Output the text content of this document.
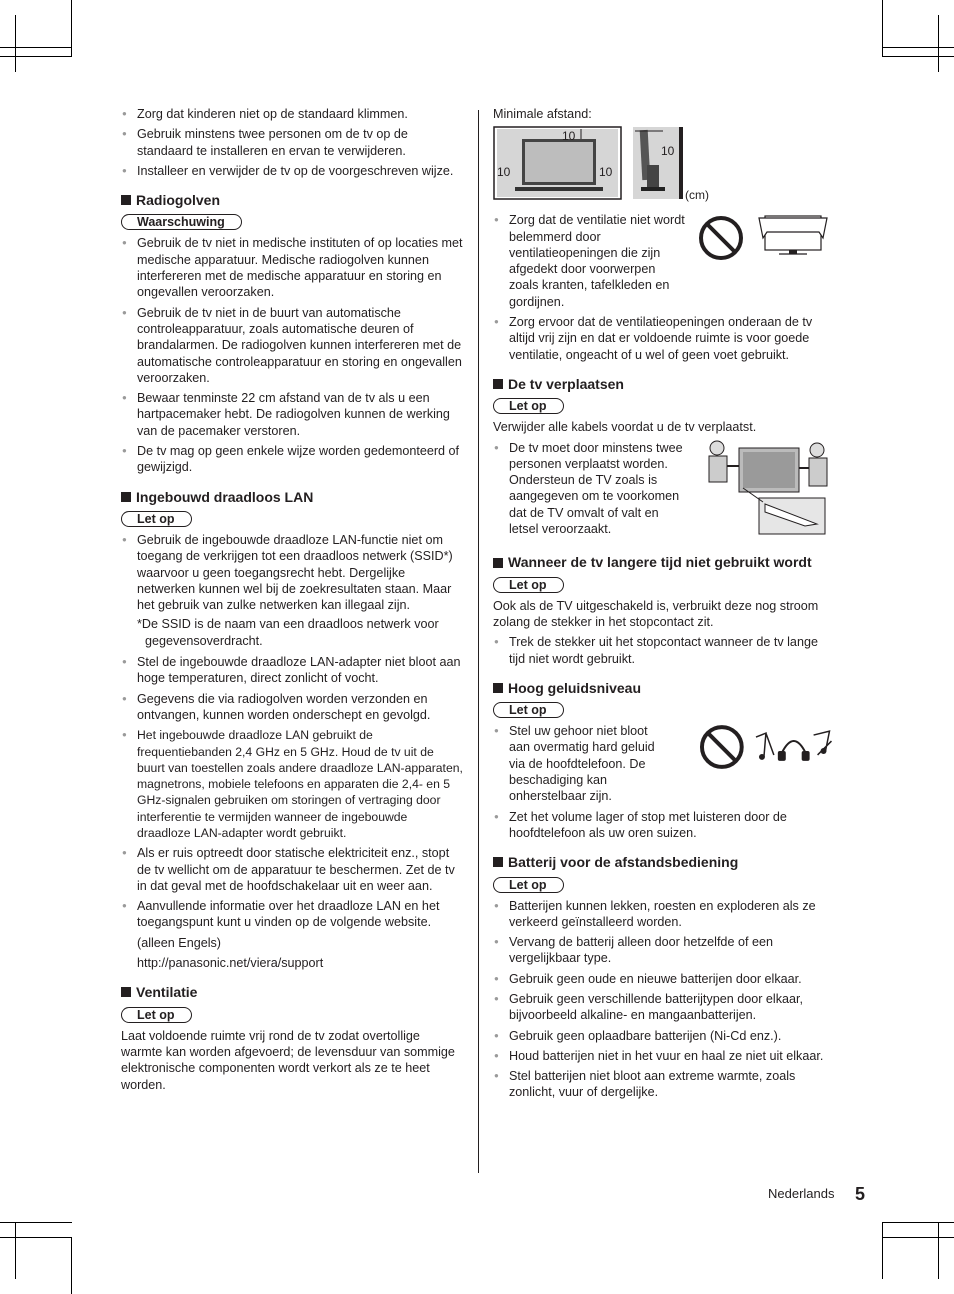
● Zorg dat kinderen niet op de standaard klimmen.
● Gebruik minstens twee personen om de tv op de standaard te installeren en ervan te verwijderen.
● Installeer en verwijder de tv op de voorgeschreven wijze.
Radiogolven
Waarschuwing
● Gebruik de tv niet in medische instituten of op locaties met medische apparatuur. Medische radiogolven kunnen interfereren met de medische apparatuur en storing en ongevallen veroorzaken.
● Gebruik de tv niet in de buurt van automatische controleapparatuur, zoals automatische deuren of brandalarmen. De radiogolven kunnen interfereren met de automatische controleapparatuur en storing en ongevallen veroorzaken.
● Bewaar tenminste 22 cm afstand van de tv als u een hartpacemaker hebt. De radiogolven kunnen de werking van de pacemaker verstoren.
● De tv mag op geen enkele wijze worden gedemonteerd of gewijzigd.
Ingebouwd draadloos LAN
Let op
● Gebruik de ingebouwde draadloze LAN-functie niet om toegang de verkrijgen tot een draadloos netwerk (SSID*) waarvoor u geen toegangsrecht hebt. Dergelijke netwerken kunnen wel bij de zoekresultaten staan. Maar het gebruik van zulke netwerken kan illegaal zijn.

*De SSID is de naam van een draadloos netwerk voor gegevensoverdracht.

● Stel de ingebouwde draadloze LAN-adapter niet bloot aan hoge temperaturen, direct zonlicht of vocht.
● Gegevens die via radiogolven worden verzonden en ontvangen, kunnen worden onderschept en gevolgd.
● Het ingebouwde draadloze LAN gebruikt de frequentiebanden 2,4 GHz en 5 GHz. Houd de tv uit de buurt van toestellen zoals andere draadloze LAN-apparaten, magnetrons, mobiele telefoons en apparaten die 2,4- en 5 GHz-signalen gebruiken om storingen of vertraging door interferentie te vermijden wanneer de ingebouwde draadloze LAN-adapter wordt gebruikt.
● Als er ruis optreedt door statische elektriciteit enz., stopt de tv wellicht om de apparatuur te beschermen. Zet de tv in dat geval met de hoofdschakelaar uit en weer aan.
● Aanvullende informatie over het draadloze LAN en het toegangspunt kunt u vinden op de volgende website.

(alleen Engels)

http://panasonic.net/viera/support

Ventilatie
Let op

Laat voldoende ruimte vrij rond de tv zodat overtollige warmte kan worden afgevoerd; de levensduur van sommige elektronische componenten wordt verkort als ze te heet worden.

Minimale afstand:

10
10	10
10
(cm)
● Zorg dat de ventilatie niet wordt belemmerd door ventilatieopeningen die zijn afgedekt door voorwerpen zoals kranten, tafelkleden en gordijnen.
● Zorg ervoor dat de ventilatieopeningen onderaan de tv altijd vrij zijn en dat er voldoende ruimte is voor goede ventilatie, ongeacht of u wel of geen voet gebruikt.
De tv verplaatsen
Let op

Verwijder alle kabels voordat u de tv verplaatst.

● De tv moet door minstens twee personen verplaatst worden. Ondersteun de TV zoals is aangegeven om te voorkomen dat de TV omvalt of valt en letsel veroorzaakt.
Wanneer de tv langere tijd niet gebruikt wordt
Let op

Ook als de TV uitgeschakeld is, verbruikt deze nog stroom zolang de stekker in het stopcontact zit.

● Trek de stekker uit het stopcontact wanneer de tv lange tijd niet wordt gebruikt.
Hoog geluidsniveau
Let op
● Stel uw gehoor niet bloot aan overmatig hard geluid via de hoofdtelefoon. De beschadiging kan onherstelbaar zijn.
● Zet het volume lager of stop met luisteren door de hoofdtelefoon als uw oren suizen.
Batterij voor de afstandsbediening
Let op
● Batterijen kunnen lekken, roesten en exploderen als ze verkeerd geïnstalleerd worden.
● Vervang de batterij alleen door hetzelfde of een vergelijkbaar type.
● Gebruik geen oude en nieuwe batterijen door elkaar.
● Gebruik geen verschillende batterijtypen door elkaar, bijvoorbeeld alkaline- en mangaanbatterijen.
● Gebruik geen oplaadbare batterijen (Ni-Cd enz.).
● Houd batterijen niet in het vuur en haal ze niet uit elkaar.
● Stel batterijen niet bloot aan extreme warmte, zoals zonlicht, vuur of dergelijke.
Nederlands 5
